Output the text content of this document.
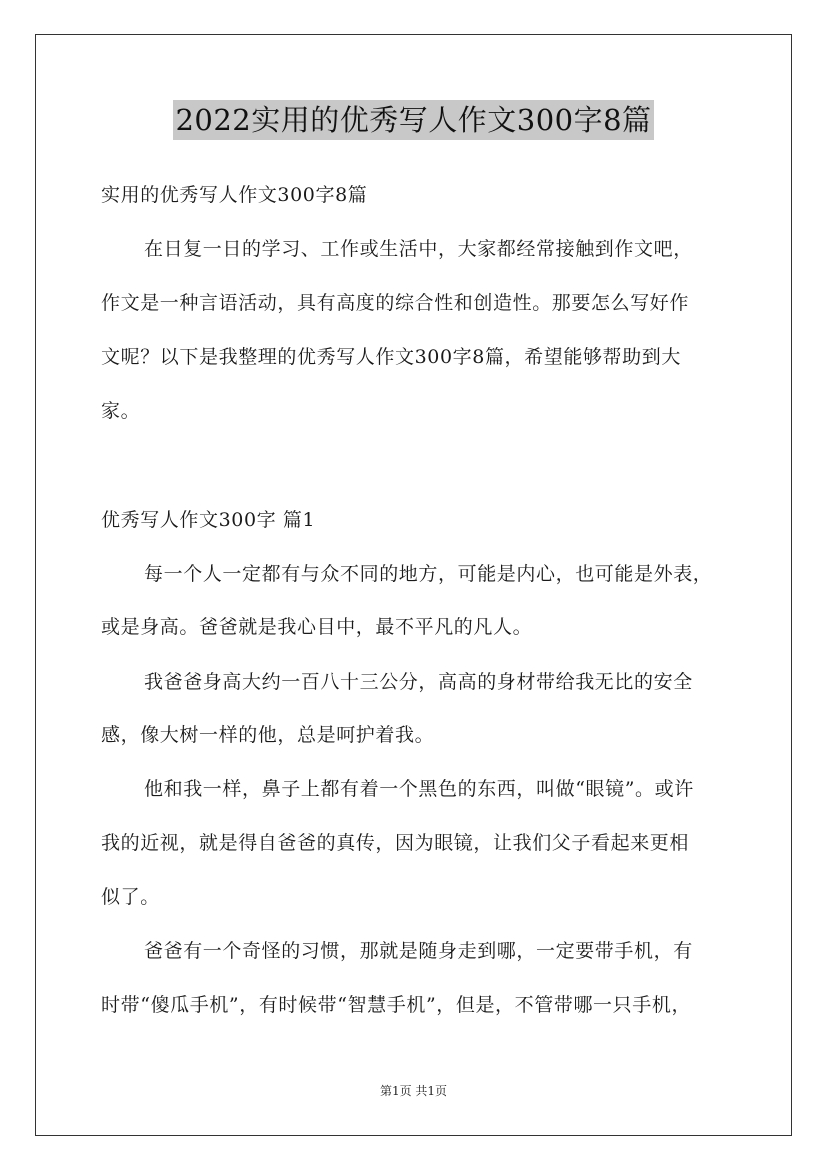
2022实用的优秀写人作文300字8篇
实用的优秀写人作文300字8篇
在日复一日的学习、工作或生活中，大家都经常接触到作文吧，
作文是一种言语活动，具有高度的综合性和创造性。那要怎么写好作
文呢？以下是我整理的优秀写人作文300字8篇，希望能够帮助到大
家。
优秀写人作文300字 篇1
每一个人一定都有与众不同的地方，可能是内心，也可能是外表，
或是身高。爸爸就是我心目中，最不平凡的凡人。
我爸爸身高大约一百八十三公分，高高的身材带给我无比的安全
感，像大树一样的他，总是呵护着我。
他和我一样，鼻子上都有着一个黑色的东西，叫做“眼镜”。或许
我的近视，就是得自爸爸的真传，因为眼镜，让我们父子看起来更相
似了。
爸爸有一个奇怪的习惯，那就是随身走到哪，一定要带手机，有
时带“傻瓜手机”，有时候带“智慧手机”，但是，不管带哪一只手机，
第1页 共1页
